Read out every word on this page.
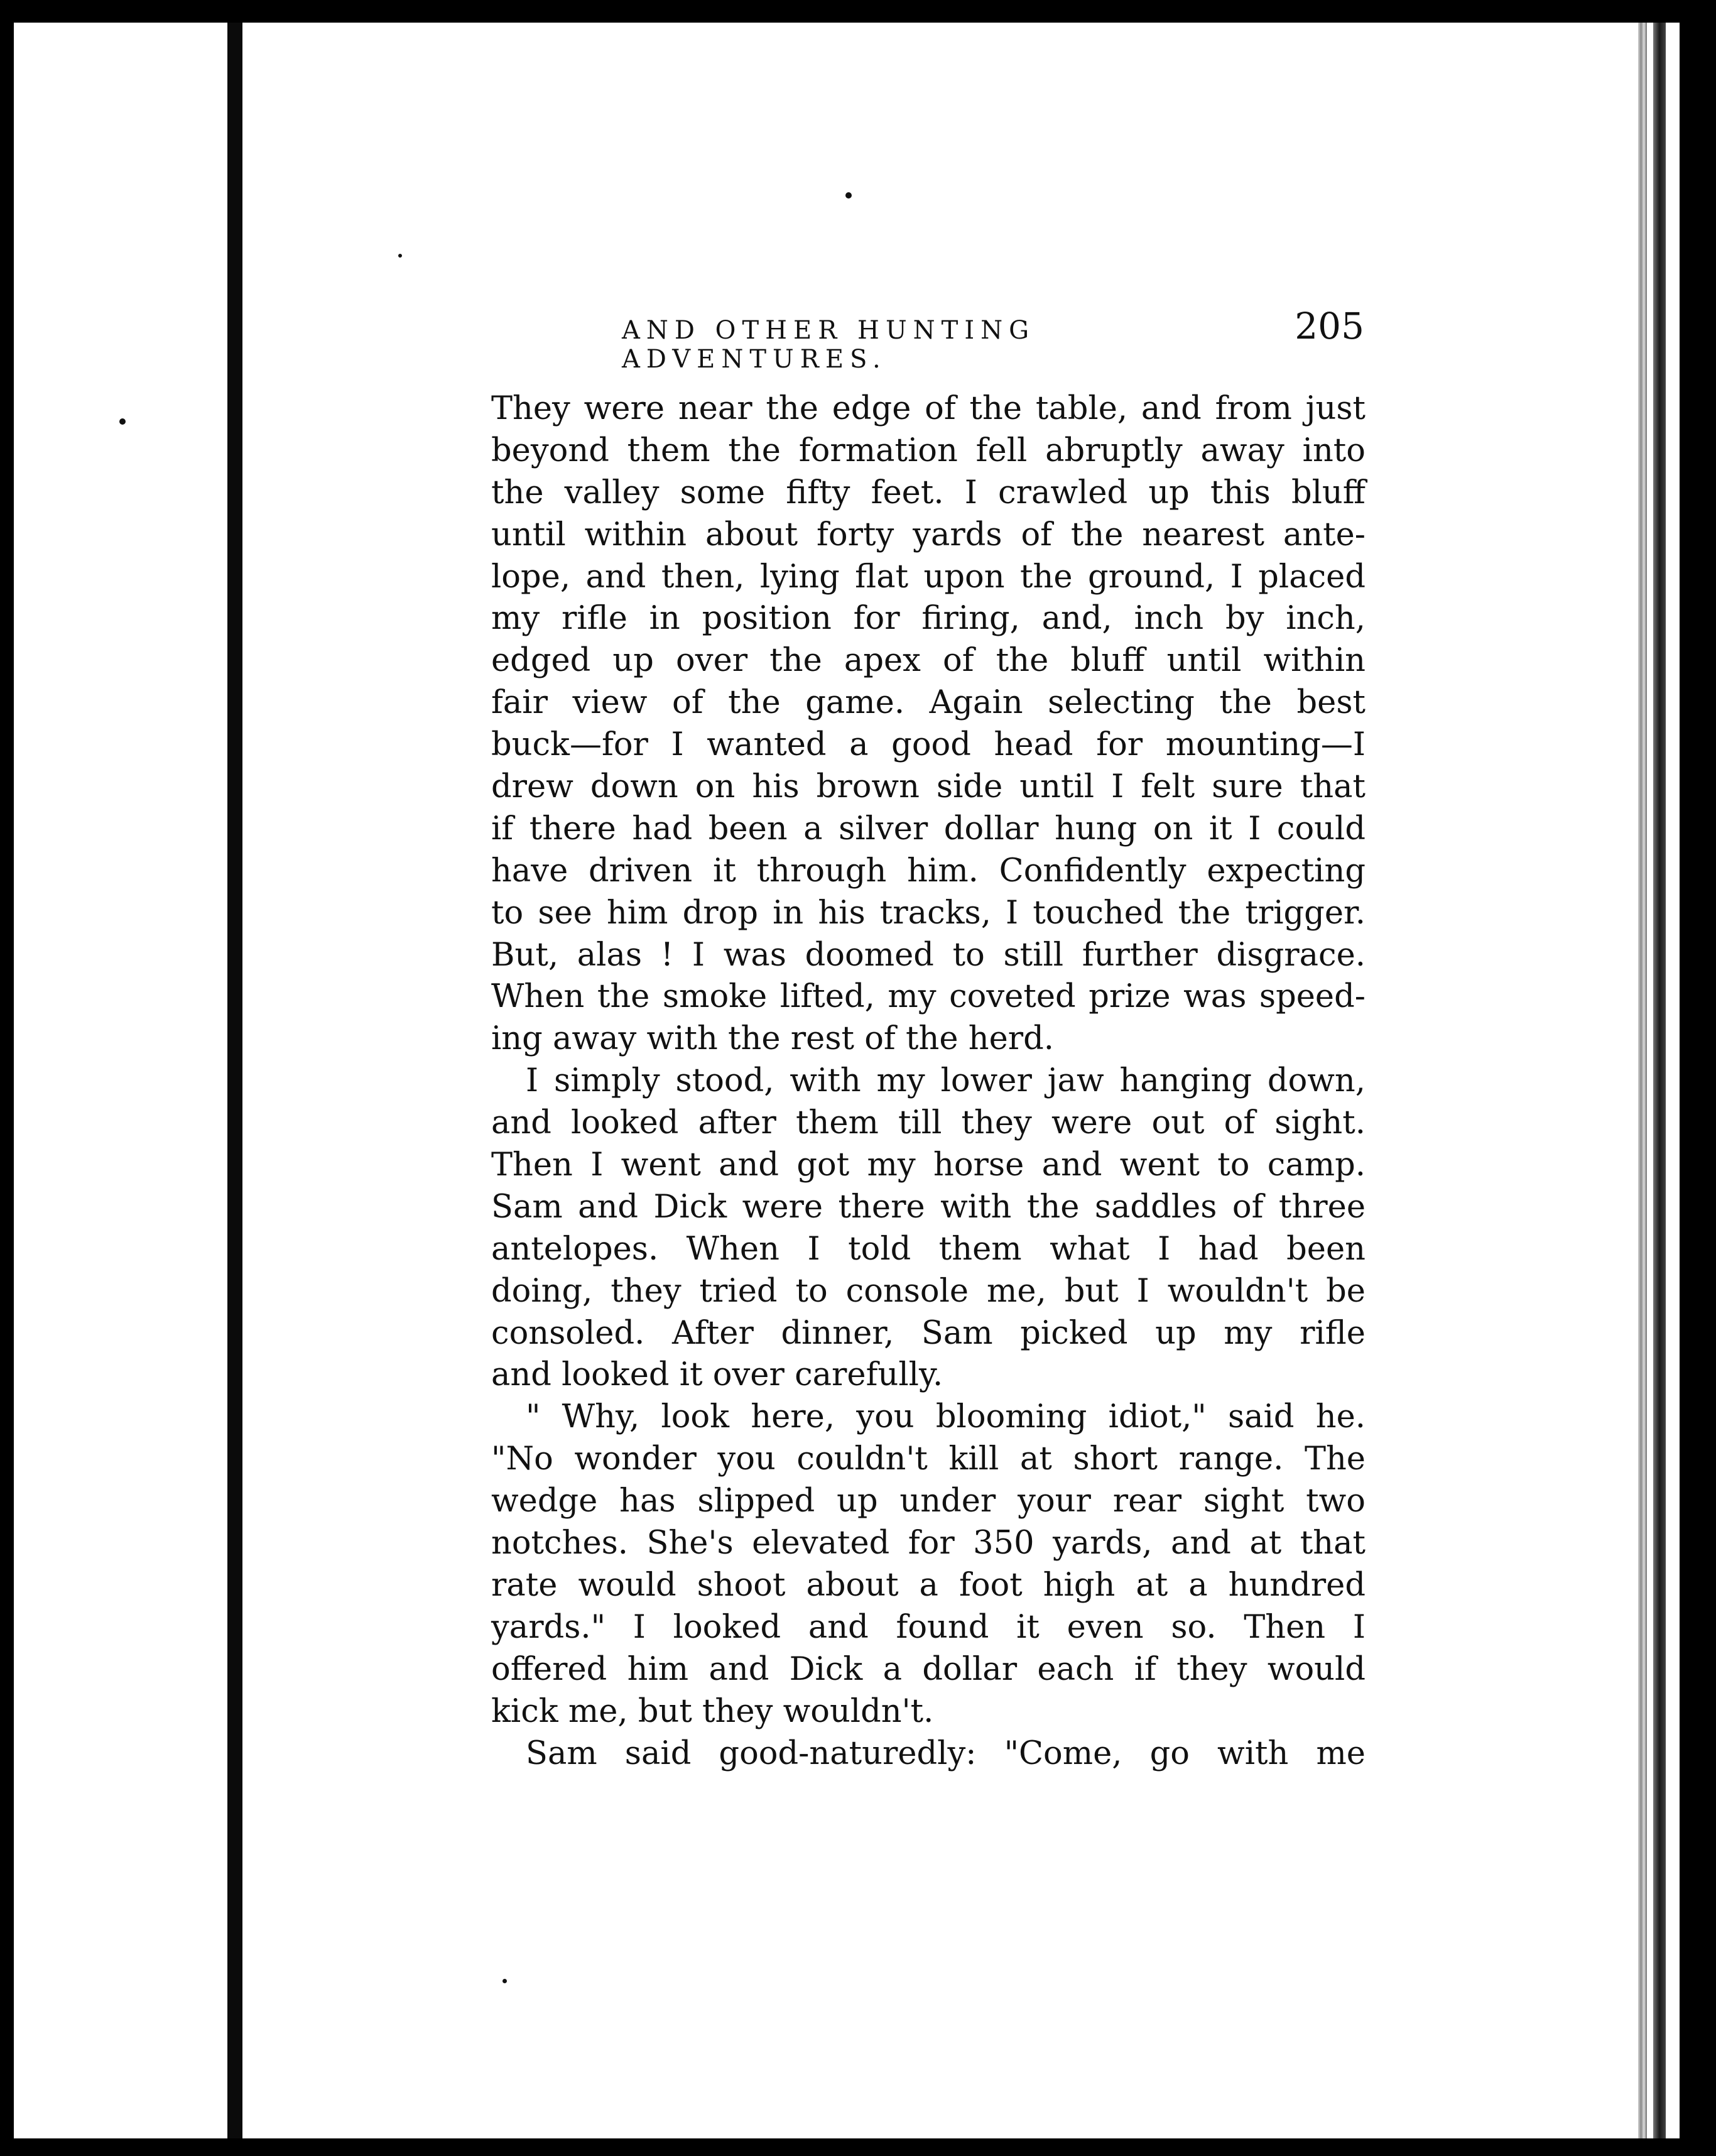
AND OTHER HUNTING ADVENTURES.
205
They were near the edge of the table, and from just
beyond them the formation fell abruptly away into
the valley some fifty feet. I crawled up this bluff
until within about forty yards of the nearest ante-
lope, and then, lying flat upon the ground, I placed
my rifle in position for firing, and, inch by inch,
edged up over the apex of the bluff until within
fair view of the game. Again selecting the best
buck—for I wanted a good head for mounting—I
drew down on his brown side until I felt sure that
if there had been a silver dollar hung on it I could
have driven it through him. Confidently expecting
to see him drop in his tracks, I touched the trigger.
But, alas ! I was doomed to still further disgrace.
When the smoke lifted, my coveted prize was speed-
ing away with the rest of the herd.
I simply stood, with my lower jaw hanging down,
and looked after them till they were out of sight.
Then I went and got my horse and went to camp.
Sam and Dick were there with the saddles of three
antelopes. When I told them what I had been
doing, they tried to console me, but I wouldn't be
consoled. After dinner, Sam picked up my rifle
and looked it over carefully.
" Why, look here, you blooming idiot," said he.
"No wonder you couldn't kill at short range. The
wedge has slipped up under your rear sight two
notches. She's elevated for 350 yards, and at that
rate would shoot about a foot high at a hundred
yards." I looked and found it even so. Then I
offered him and Dick a dollar each if they would
kick me, but they wouldn't.
Sam said good-naturedly: "Come, go with me
